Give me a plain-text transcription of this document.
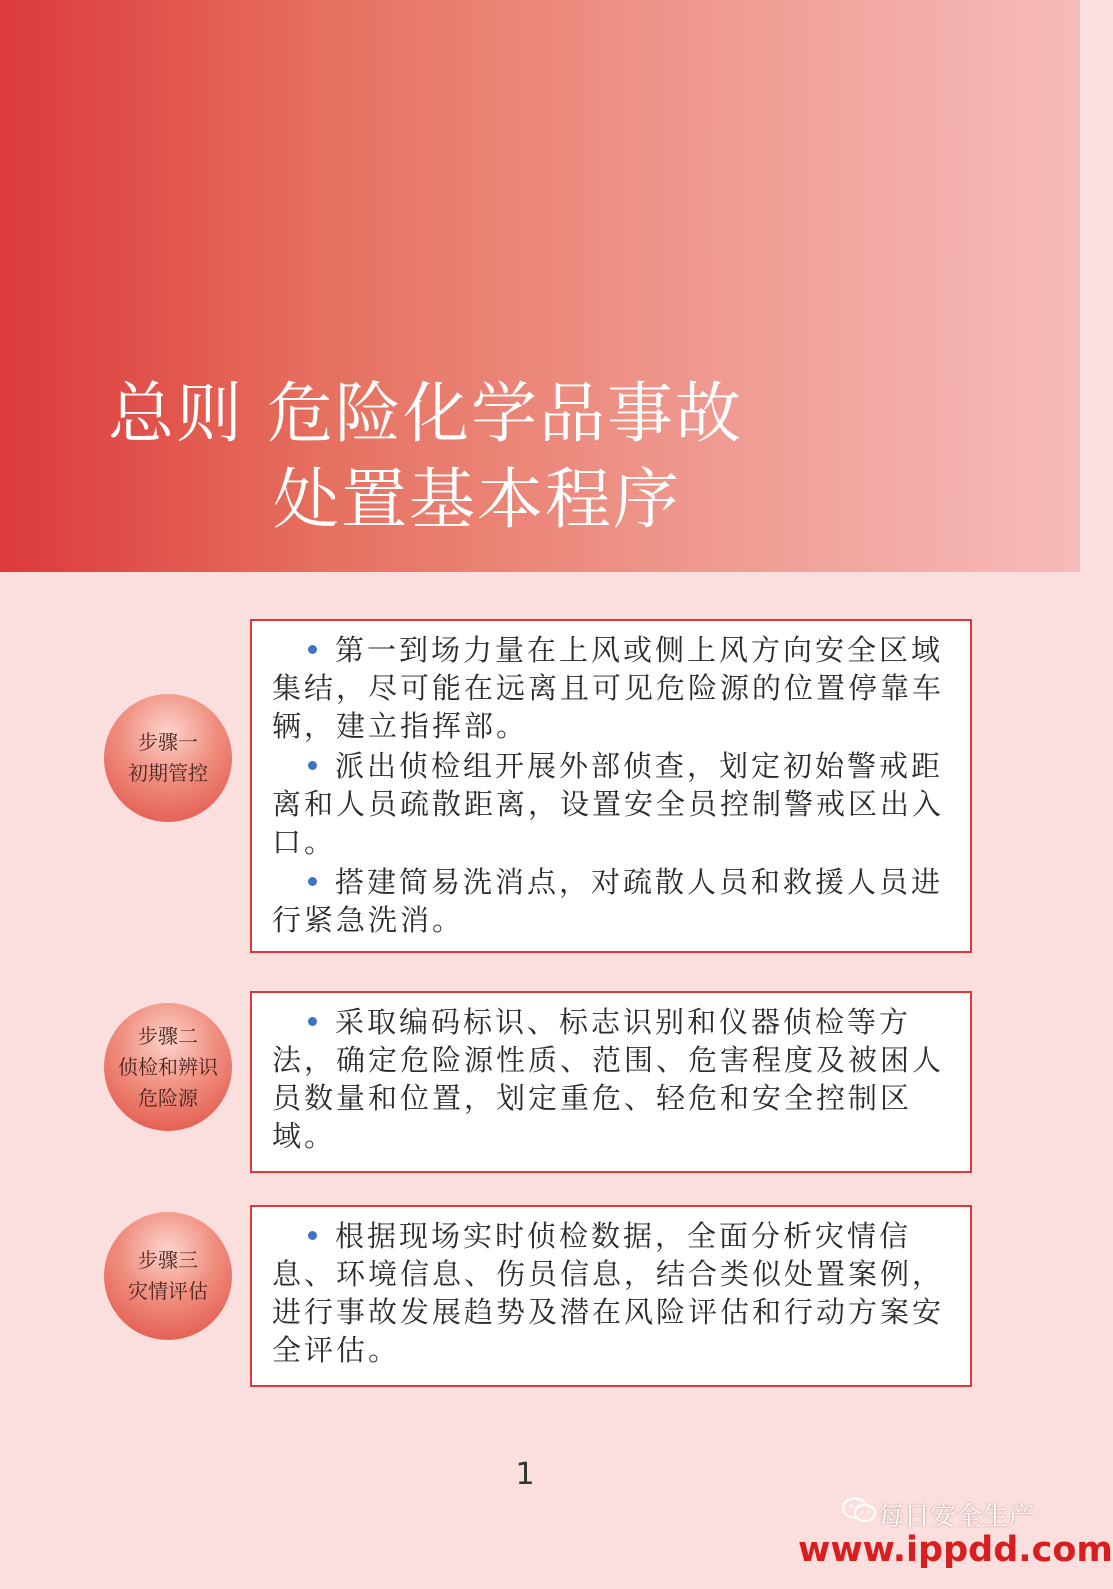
总则 危险化学品事故
处置基本程序
步骤一
初期管控

第一到场力量在上风或侧上风方向安全区域集结，尽可能在远离且可见危险源的位置停靠车辆，建立指挥部。

派出侦检组开展外部侦查，划定初始警戒距离和人员疏散距离，设置安全员控制警戒区出入口。

搭建简易洗消点，对疏散人员和救援人员进行紧急洗消。

步骤二
侦检和辨识
危险源

采取编码标识、标志识别和仪器侦检等方法，确定危险源性质、范围、危害程度及被困人员数量和位置，划定重危、轻危和安全控制区域。

步骤三
灾情评估

根据现场实时侦检数据，全面分析灾情信息、环境信息、伤员信息，结合类似处置案例，进行事故发展趋势及潜在风险评估和行动方案安全评估。

1
每日安全生产
www.ippdd.com
